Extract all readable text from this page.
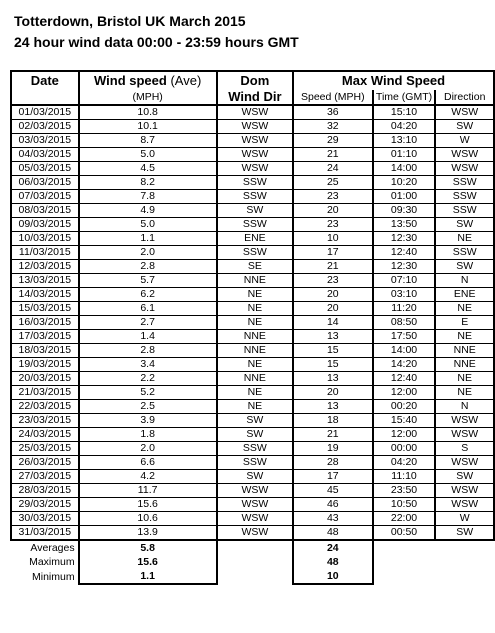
Totterdown, Bristol UK March 2015
24 hour wind data 00:00 - 23:59 hours GMT
Date	Wind speed (Ave)	Dom	Max Wind Speed		
	(MPH)	Wind Dir	Speed (MPH)	Time (GMT)	Direction
01/03/2015	10.8	WSW	36	15:10	WSW
02/03/2015	10.1	WSW	32	04:20	SW
03/03/2015	8.7	WSW	29	13:10	W
04/03/2015	5.0	WSW	21	01:10	WSW
05/03/2015	4.5	WSW	24	14:00	WSW
06/03/2015	8.2	SSW	25	10:20	SSW
07/03/2015	7.8	SSW	23	01:00	SSW
08/03/2015	4.9	SW	20	09:30	SSW
09/03/2015	5.0	SSW	23	13:50	SW
10/03/2015	1.1	ENE	10	12:30	NE
11/03/2015	2.0	SSW	17	12:40	SSW
12/03/2015	2.8	SE	21	12:30	SW
13/03/2015	5.7	NNE	23	07:10	N
14/03/2015	6.2	NE	20	03:10	ENE
15/03/2015	6.1	NE	20	11:20	NE
16/03/2015	2.7	NE	14	08:50	E
17/03/2015	1.4	NNE	13	17:50	NE
18/03/2015	2.8	NNE	15	14:00	NNE
19/03/2015	3.4	NE	15	14:20	NNE
20/03/2015	2.2	NNE	13	12:40	NE
21/03/2015	5.2	NE	20	12:00	NE
22/03/2015	2.5	NE	13	00:20	N
23/03/2015	3.9	SW	18	15:40	WSW
24/03/2015	1.8	SW	21	12:00	WSW
25/03/2015	2.0	SSW	19	00:00	S
26/03/2015	6.6	SSW	28	04:20	WSW
27/03/2015	4.2	SW	17	11:10	SW
28/03/2015	11.7	WSW	45	23:50	WSW
29/03/2015	15.6	WSW	46	10:50	WSW
30/03/2015	10.6	WSW	43	22:00	W
31/03/2015	13.9	WSW	48	00:50	SW
Averages	5.8		24		
Maximum	15.6		48		
Minimum	1.1		10		
